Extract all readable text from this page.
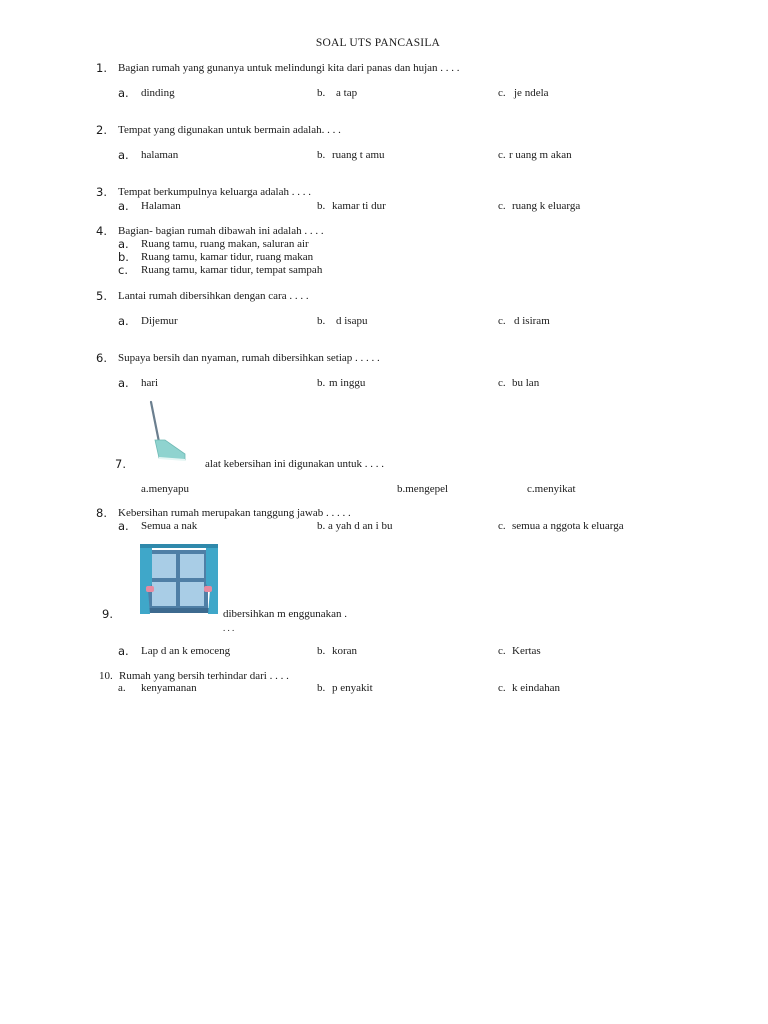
SOAL UTS PANCASILA
1. Bagian rumah yang gunanya untuk melindungi kita dari panas dan hujan . . . .
a. dinding	b. a tap	c. je ndela
2. Tempat yang digunakan untuk bermain adalah. . . .
a. halaman	b. ruang t amu	c. r uang m akan
3. Tempat berkumpulnya keluarga adalah . . . .
a. Halaman	b. kamar ti dur	c. ruang k eluarga
4. Bagian- bagian rumah dibawah ini adalah . . . .
a. Ruang tamu, ruang makan, saluran air
b. Ruang tamu, kamar tidur, ruang makan
c. Ruang tamu, kamar tidur, tempat sampah
5. Lantai rumah dibersihkan dengan cara . . . .
a. Dijemur	b. d isapu	c. d isiram
6. Supaya bersih dan nyaman, rumah dibersihkan setiap . . . . .
a. hari	b. m inggu	c. bu lan
7.	alat kebersihan ini digunakan untuk . . . .
a.menyapu	b.mengepel	c.menyikat
8. Kebersihan rumah merupakan tanggung jawab . . . . .
a. Semua a nak	b. a yah d an i bu	c. semua a nggota k eluarga
9.	dibersihkan m enggunakan .
. . .
a. Lap d an k emoceng	b. koran	c. Kertas
10. Rumah yang bersih terhindar dari . . . .
a. kenyamanan	b. p enyakit	c. k eindahan
